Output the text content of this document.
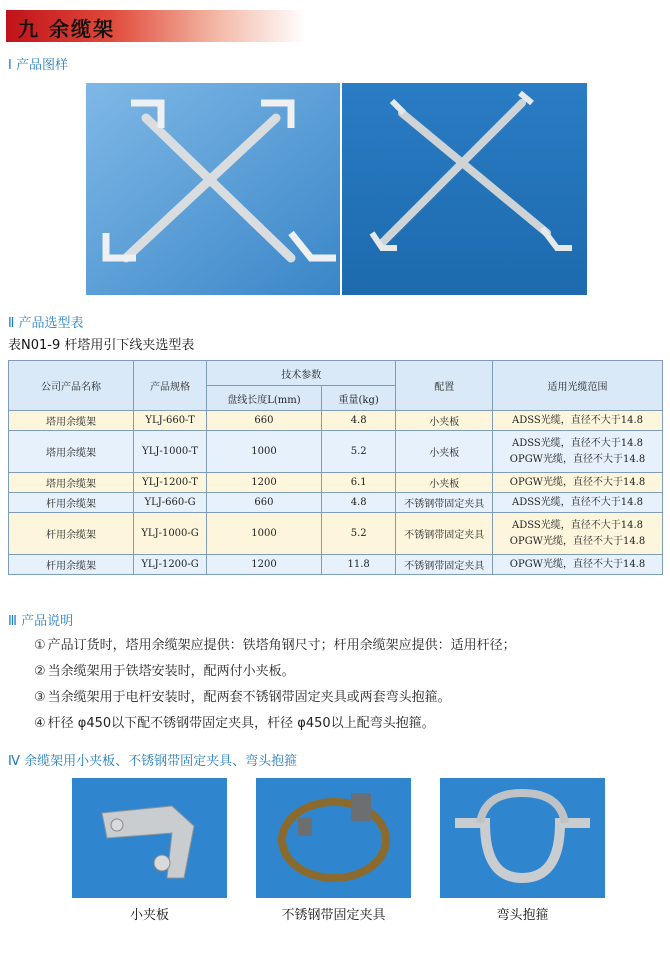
九 余缆架
Ⅰ 产品图样
Ⅱ 产品选型表
表N01-9 杆塔用引下线夹选型表
公司产品名称	产品规格	技术参数		配置	适用光缆范围
		盘线长度L(mm)	重量(kg)		
塔用余缆架	YLJ-660-T	660	4.8	小夹板	ADSS光缆，直径不大于14.8

塔用余缆架	YLJ-1000-T	1000	5.2	小夹板	ADSS光缆，直径不大于14.8
OPGW光缆，直径不大于14.8

塔用余缆架	YLJ-1200-T	1200	6.1	小夹板	OPGW光缆，直径不大于14.8

杆用余缆架	YLJ-660-G	660	4.8	不锈钢带固定夹具	ADSS光缆，直径不大于14.8

杆用余缆架	YLJ-1000-G	1000	5.2	不锈钢带固定夹具	ADSS光缆，直径不大于14.8
OPGW光缆，直径不大于14.8

杆用余缆架	YLJ-1200-G	1200	11.8	不锈钢带固定夹具	OPGW光缆，直径不大于14.8
Ⅲ 产品说明
① 产品订货时，塔用余缆架应提供：铁塔角钢尺寸；杆用余缆架应提供：适用杆径；
② 当余缆架用于铁塔安装时，配两付小夹板。
③ 当余缆架用于电杆安装时，配两套不锈钢带固定夹具或两套弯头抱箍。
④ 杆径 φ450以下配不锈钢带固定夹具，杆径 φ450以上配弯头抱箍。
Ⅳ 余缆架用小夹板、不锈钢带固定夹具、弯头抱箍
小夹板	不锈钢带固定夹具	弯头抱箍
